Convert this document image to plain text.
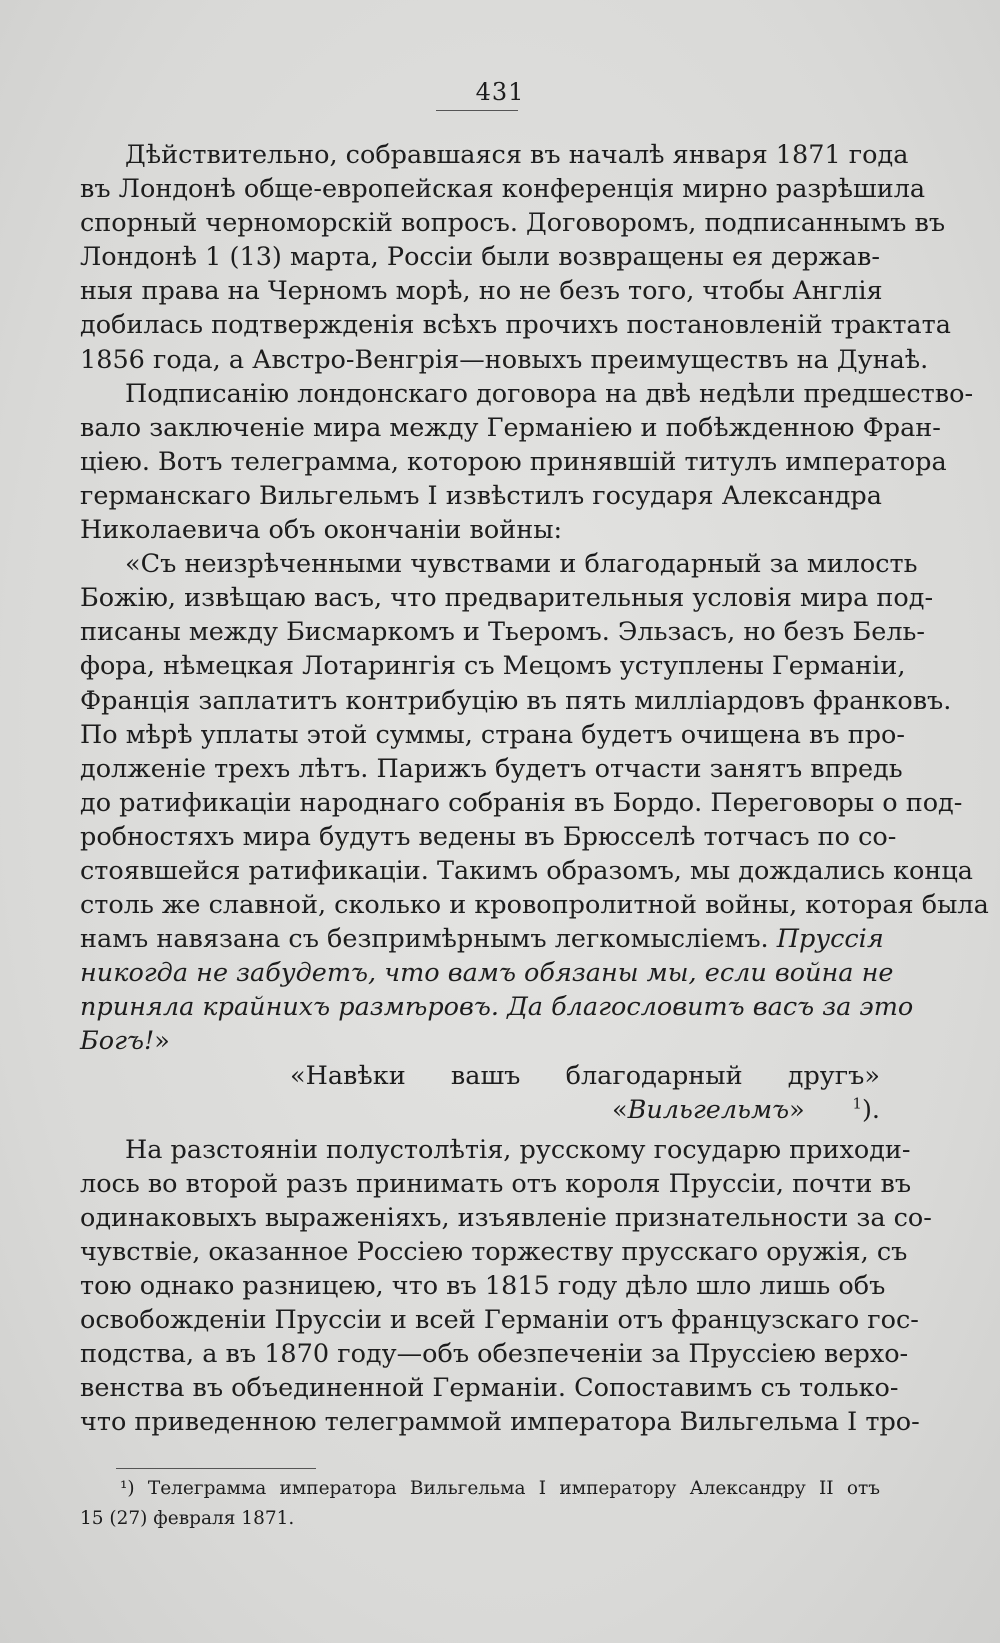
431
Дѣйствительно, собравшаяся въ началѣ января 1871 года
въ Лондонѣ обще-европейская конференція мирно разрѣшила
спорный черноморскій вопросъ. Договоромъ, подписаннымъ въ
Лондонѣ 1 (13) марта, Россіи были возвращены ея держав-
ныя права на Черномъ морѣ, но не безъ того, чтобы Англія
добилась подтвержденія всѣхъ прочихъ постановленій трактата
1856 года, а Австро-Венгрія—новыхъ преимуществъ на Дунаѣ.
Подписанію лондонскаго договора на двѣ недѣли предшество-
вало заключеніе мира между Германіею и побѣжденною Фран-
ціею. Вотъ телеграмма, которою принявшій титулъ императора
германскаго Вильгельмъ I извѣстилъ государя Александра
Николаевича объ окончаніи войны:
«Съ неизрѣченными чувствами и благодарный за милость
Божію, извѣщаю васъ, что предварительныя условія мира под-
писаны между Бисмаркомъ и Тьеромъ. Эльзасъ, но безъ Бель-
фора, нѣмецкая Лотарингія съ Мецомъ уступлены Германіи,
Франція заплатитъ контрибуцію въ пять милліардовъ франковъ.
По мѣрѣ уплаты этой суммы, страна будетъ очищена въ про-
долженіе трехъ лѣтъ. Парижъ будетъ отчасти занятъ впредь
до ратификаціи народнаго собранія въ Бордо. Переговоры о под-
робностяхъ мира будутъ ведены въ Брюсселѣ тотчасъ по со-
стоявшейся ратификаціи. Такимъ образомъ, мы дождались конца
столь же славной, сколько и кровопролитной войны, которая была
намъ навязана съ безпримѣрнымъ легкомысліемъ. Пруссія
никогда не забудетъ, что вамъ обязаны мы, если война не
приняла крайнихъ размѣровъ. Да благословитъ васъ за это
Богъ!»
«Навѣки вашъ благодарный другъ»
«Вильгельмъ»	$^1$).
На разстояніи полустолѣтія, русскому государю приходи-
лось во второй разъ принимать отъ короля Пруссіи, почти въ
одинаковыхъ выраженіяхъ, изъявленіе признательности за со-
чувствіе, оказанное Россіею торжеству прусскаго оружія, съ
тою однако разницею, что въ 1815 году дѣло шло лишь объ
освобожденіи Пруссіи и всей Германіи отъ французскаго гос-
подства, а въ 1870 году—объ обезпеченіи за Пруссіею верхо-
венства въ объединенной Германіи. Сопоставимъ съ только-
что приведенною телеграммой императора Вильгельма I тро-
¹) Телеграмма императора Вильгельма I императору Александру II отъ
15 (27) февраля 1871.
